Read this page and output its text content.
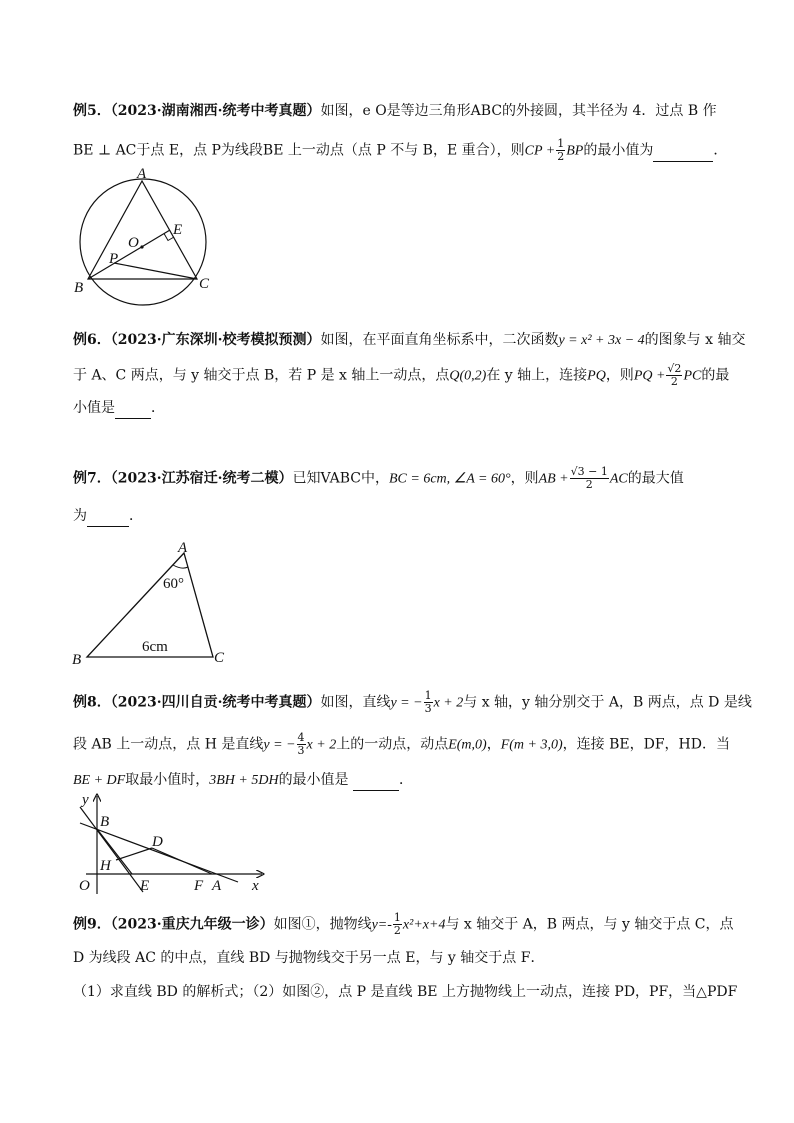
例5．（2023·湖南湘西·统考中考真题）如图，e O是等边三角形ABC的外接圆，其半径为 4．过点 B 作
BE ⊥ AC于点 E，点 P为线段BE 上一动点（点 P 不与 B，E 重合），则CP + $\frac{1}{2}$ BP的最小值为	．
A
E
O
P
B	C
例6．（2023·广东深圳·校考模拟预测）如图，在平面直角坐标系中，二次函数y = x² + 3x − 4的图象与 x 轴交
于 A、C 两点，与 y 轴交于点 B，若 P 是 x 轴上一动点，点Q(0,2)在 y 轴上，连接PQ，则PQ + $\frac{√2}{2}$ PC的最
小值是	．
例7．（2023·江苏宿迁·统考二模）已知VABC中，BC = 6cm, ∠A = 60°，则AB + $\frac{√3 - 1}{2}$ AC的最大值
为	．
A
60°
6cm
B	C
例8．（2023·四川自贡·统考中考真题）如图，直线y = − $\frac{1}{3}$ x + 2与 x 轴，y 轴分别交于 A，B 两点，点 D 是线
段 AB 上一动点，点 H 是直线y = − $\frac{4}{3}$ x + 2上的一动点，动点E(m,0)，F(m + 3,0)，连接 BE，DF，HD．当
BE + DF取最小值时，3BH + 5DH的最小值是	．
y
B
D
H
O	E	F A x
例9．（2023·重庆九年级一诊）如图①，抛物线$y=- \frac{1}{2} x^2+x+4$与 x 轴交于 A，B 两点，与 y 轴交于点 C，点
D 为线段 AC 的中点，直线 BD 与抛物线交于另一点 E，与 y 轴交于点 F．
（1）求直线 BD 的解析式；（2）如图②，点 P 是直线 BE 上方抛物线上一动点，连接 PD，PF，当△PDF
